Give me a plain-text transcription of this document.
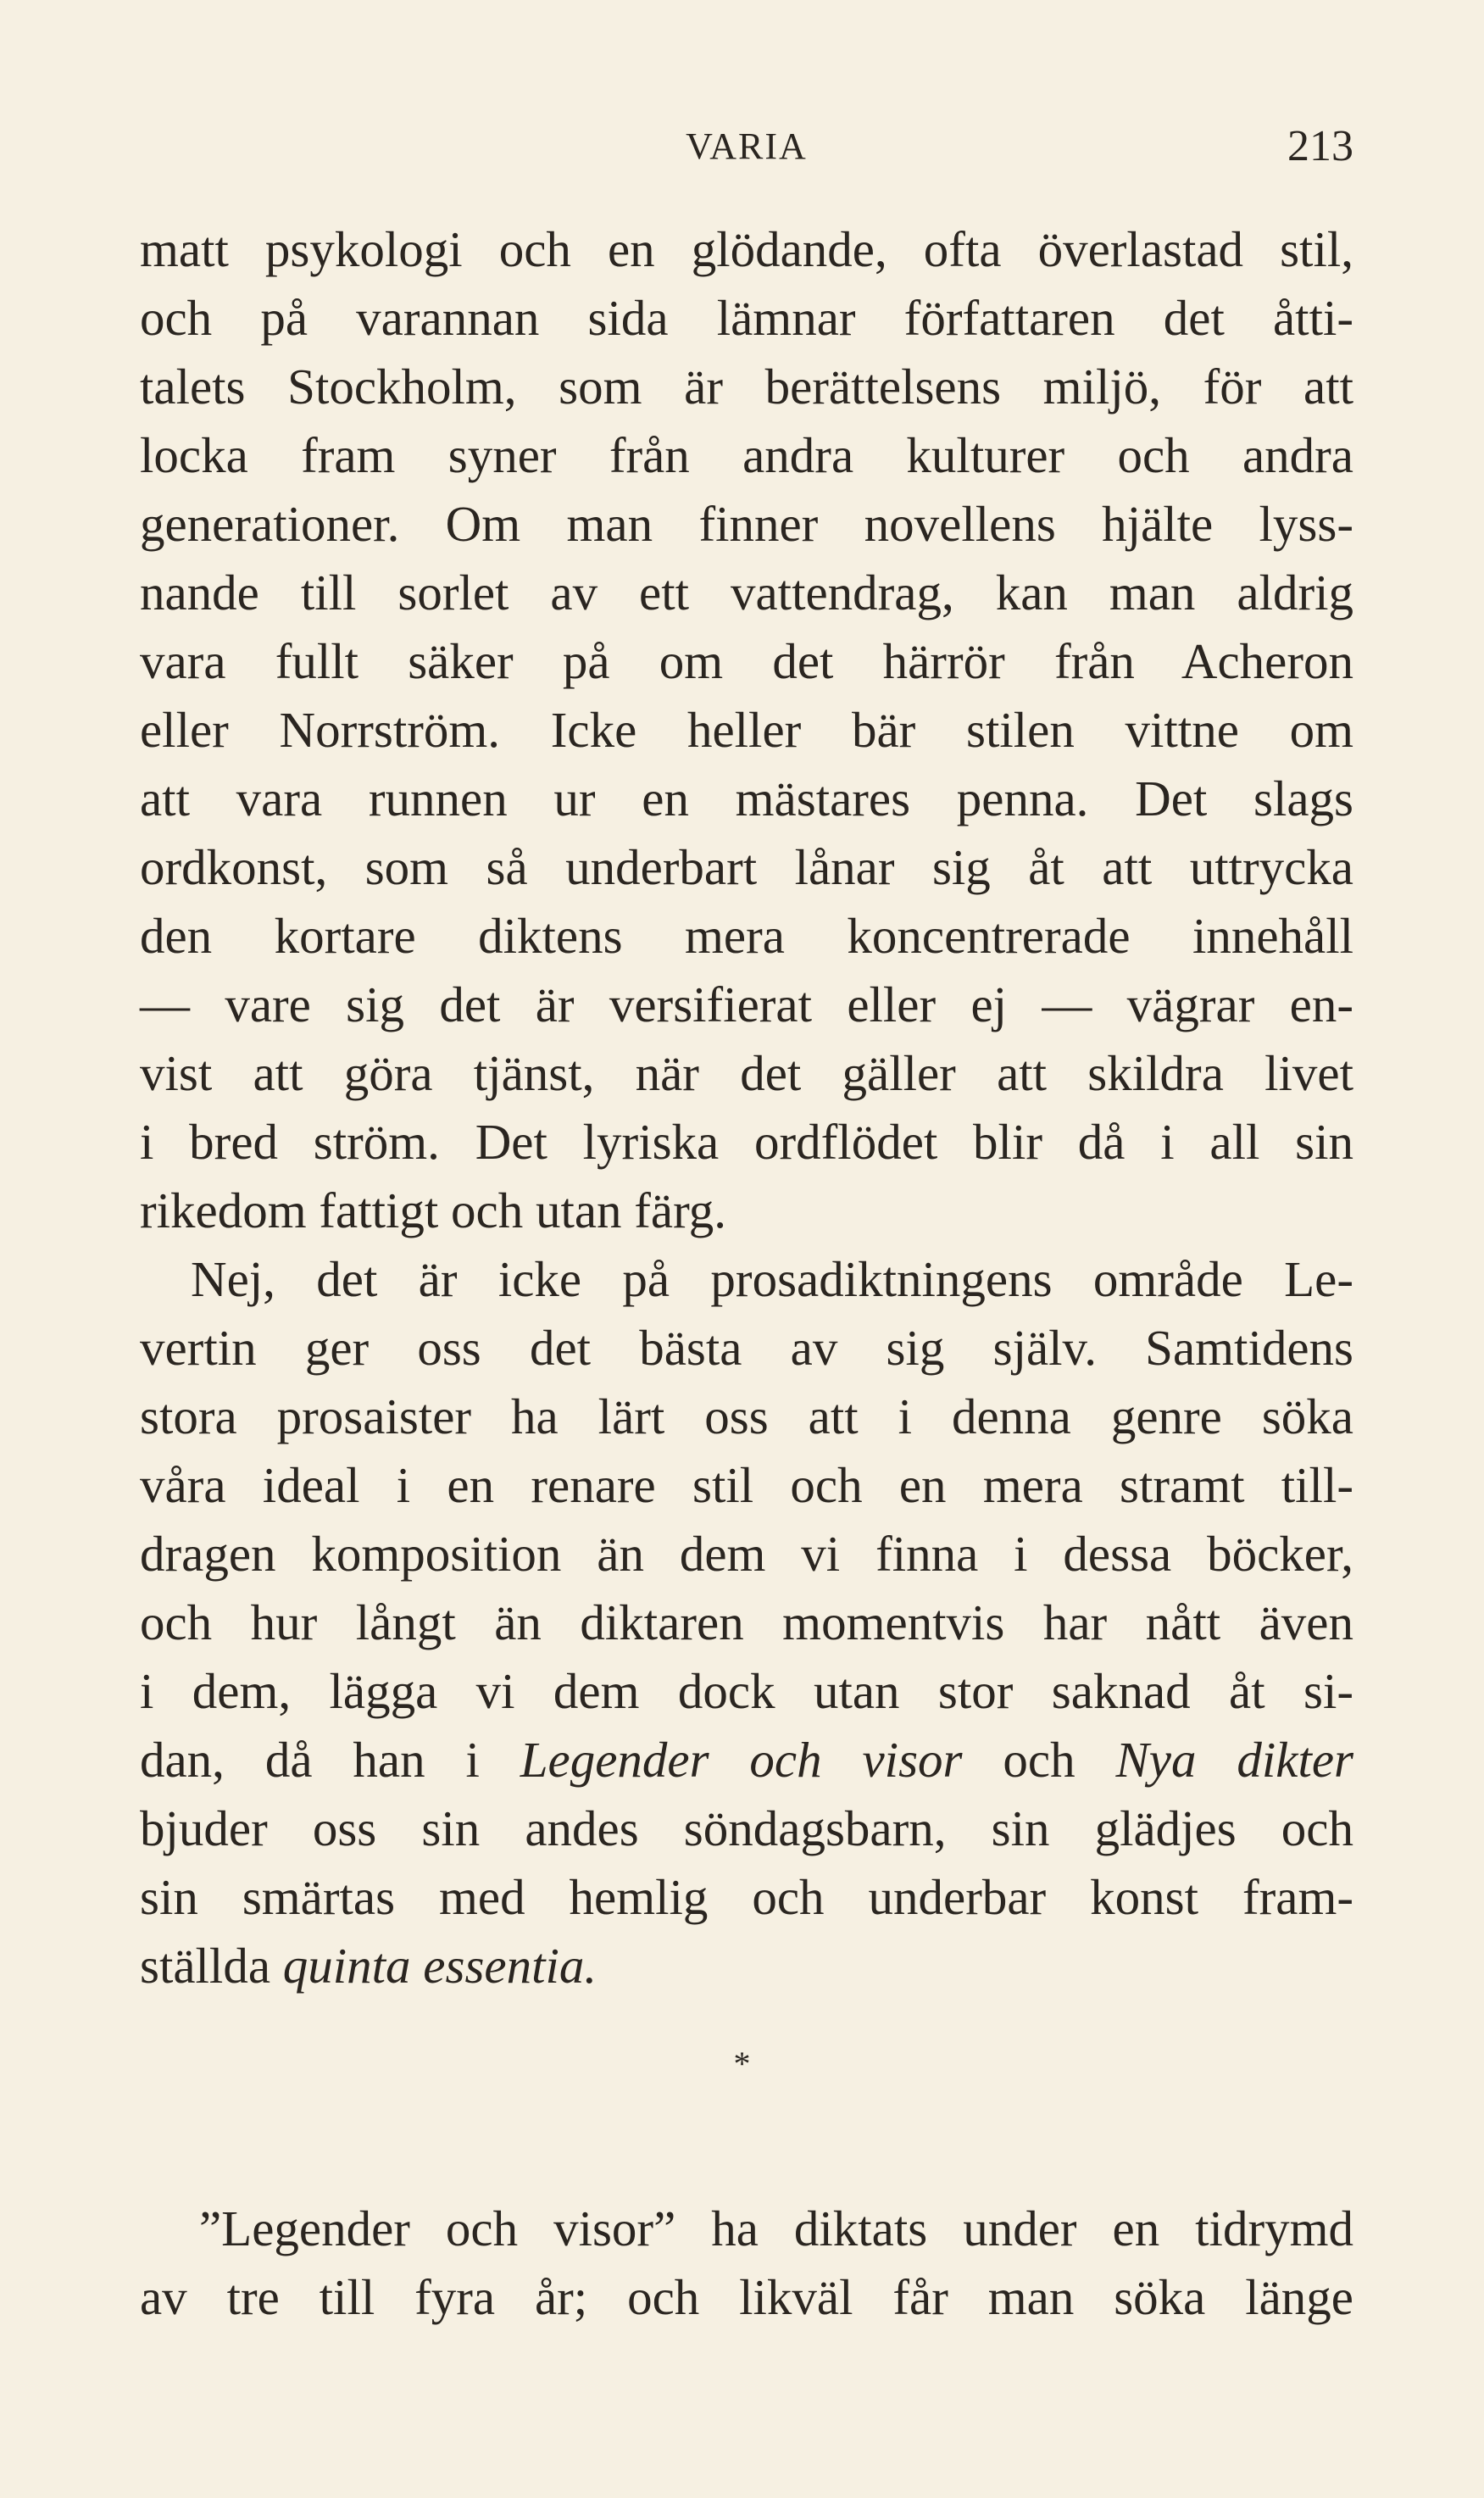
VARIA	213
matt psykologi och en glödande, ofta överlastad stil,
och på varannan sida lämnar författaren det åtti-
talets Stockholm, som är berättelsens miljö, för att
locka fram syner från andra kulturer och andra
generationer. Om man finner novellens hjälte lyss-
nande till sorlet av ett vattendrag, kan man aldrig
vara fullt säker på om det härrör från Acheron
eller Norrström. Icke heller bär stilen vittne om
att vara runnen ur en mästares penna. Det slags
ordkonst, som så underbart lånar sig åt att uttrycka
den kortare diktens mera koncentrerade innehåll
— vare sig det är versifierat eller ej — vägrar en-
vist att göra tjänst, när det gäller att skildra livet
i bred ström. Det lyriska ordflödet blir då i all sin
rikedom fattigt och utan färg.
Nej, det är icke på prosadiktningens område Le-
vertin ger oss det bästa av sig själv. Samtidens
stora prosaister ha lärt oss att i denna genre söka
våra ideal i en renare stil och en mera stramt till-
dragen komposition än dem vi finna i dessa böcker,
och hur långt än diktaren momentvis har nått även
i dem, lägga vi dem dock utan stor saknad åt si-
dan, då han i Legender och visor och Nya dikter
bjuder oss sin andes söndagsbarn, sin glädjes och
sin smärtas med hemlig och underbar konst fram-
ställda quinta essentia.
*
”Legender och visor” ha diktats under en tidrymd
av tre till fyra år; och likväl får man söka länge
